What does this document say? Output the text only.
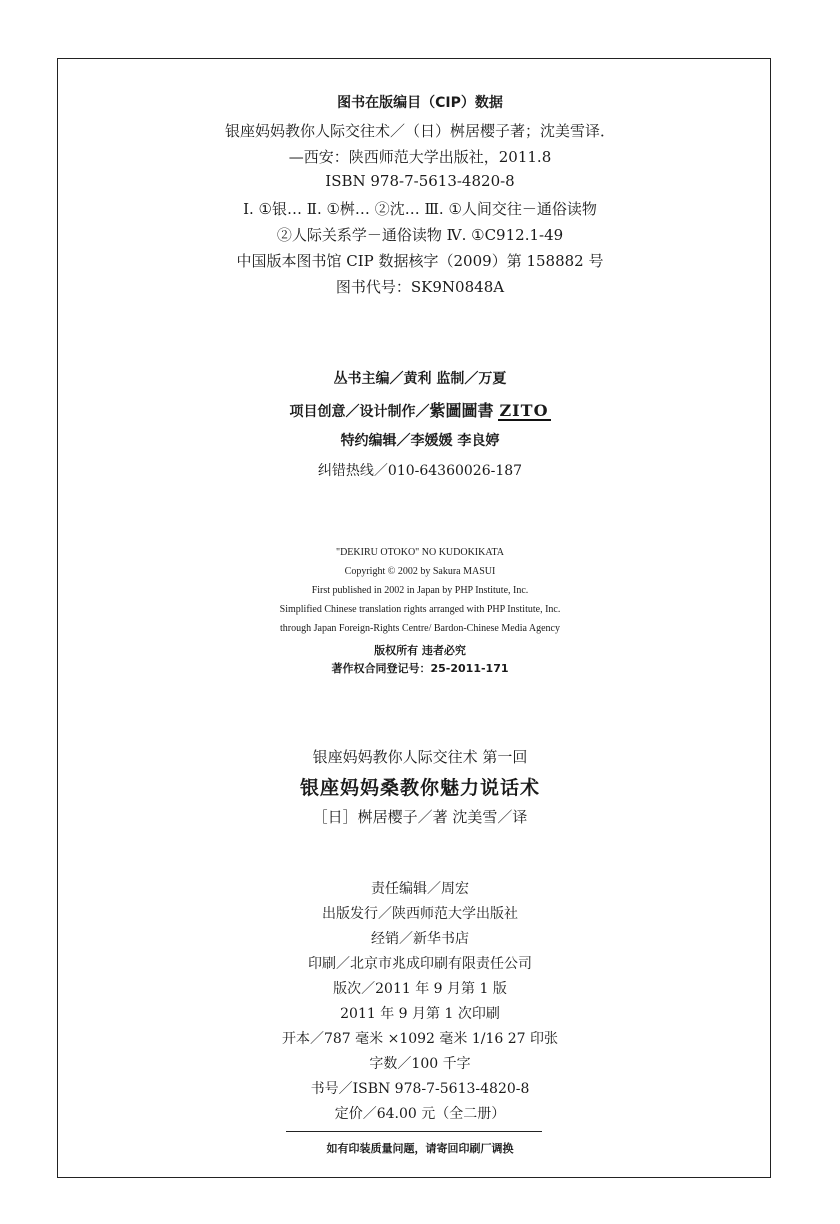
图书在版编目（CIP）数据
银座妈妈教你人际交往术／（日）桝居樱子著；沈美雪译．
—西安：陕西师范大学出版社，2011.8
ISBN 978-7-5613-4820-8
Ⅰ. ①银… Ⅱ. ①桝… ②沈… Ⅲ. ①人间交往－通俗读物
②人际关系学－通俗读物 Ⅳ. ①C912.1-49
中国版本图书馆 CIP 数据核字（2009）第 158882 号
图书代号：SK9N0848A
丛书主编／黄利 监制／万夏
项目创意／设计制作／紫圖圖書 ZITO
特约编辑／李媛媛 李良婷
纠错热线／010-64360026-187
"DEKIRU OTOKO" NO KUDOKIKATA
Copyright © 2002 by Sakura MASUI
First published in 2002 in Japan by PHP Institute, Inc.
Simplified Chinese translation rights arranged with PHP Institute, Inc.
through Japan Foreign-Rights Centre/ Bardon-Chinese Media Agency
版权所有 违者必究
著作权合同登记号：25-2011-171
银座妈妈教你人际交往术 第一回
银座妈妈桑教你魅力说话术
［日］桝居樱子／著 沈美雪／译
责任编辑／周宏
出版发行／陕西师范大学出版社
经销／新华书店
印刷／北京市兆成印刷有限责任公司
版次／2011 年 9 月第 1 版
2011 年 9 月第 1 次印刷
开本／787 毫米 ×1092 毫米 1/16 27 印张
字数／100 千字
书号／ISBN 978-7-5613-4820-8
定价／64.00 元（全二册）
如有印装质量问题，请寄回印刷厂调换
